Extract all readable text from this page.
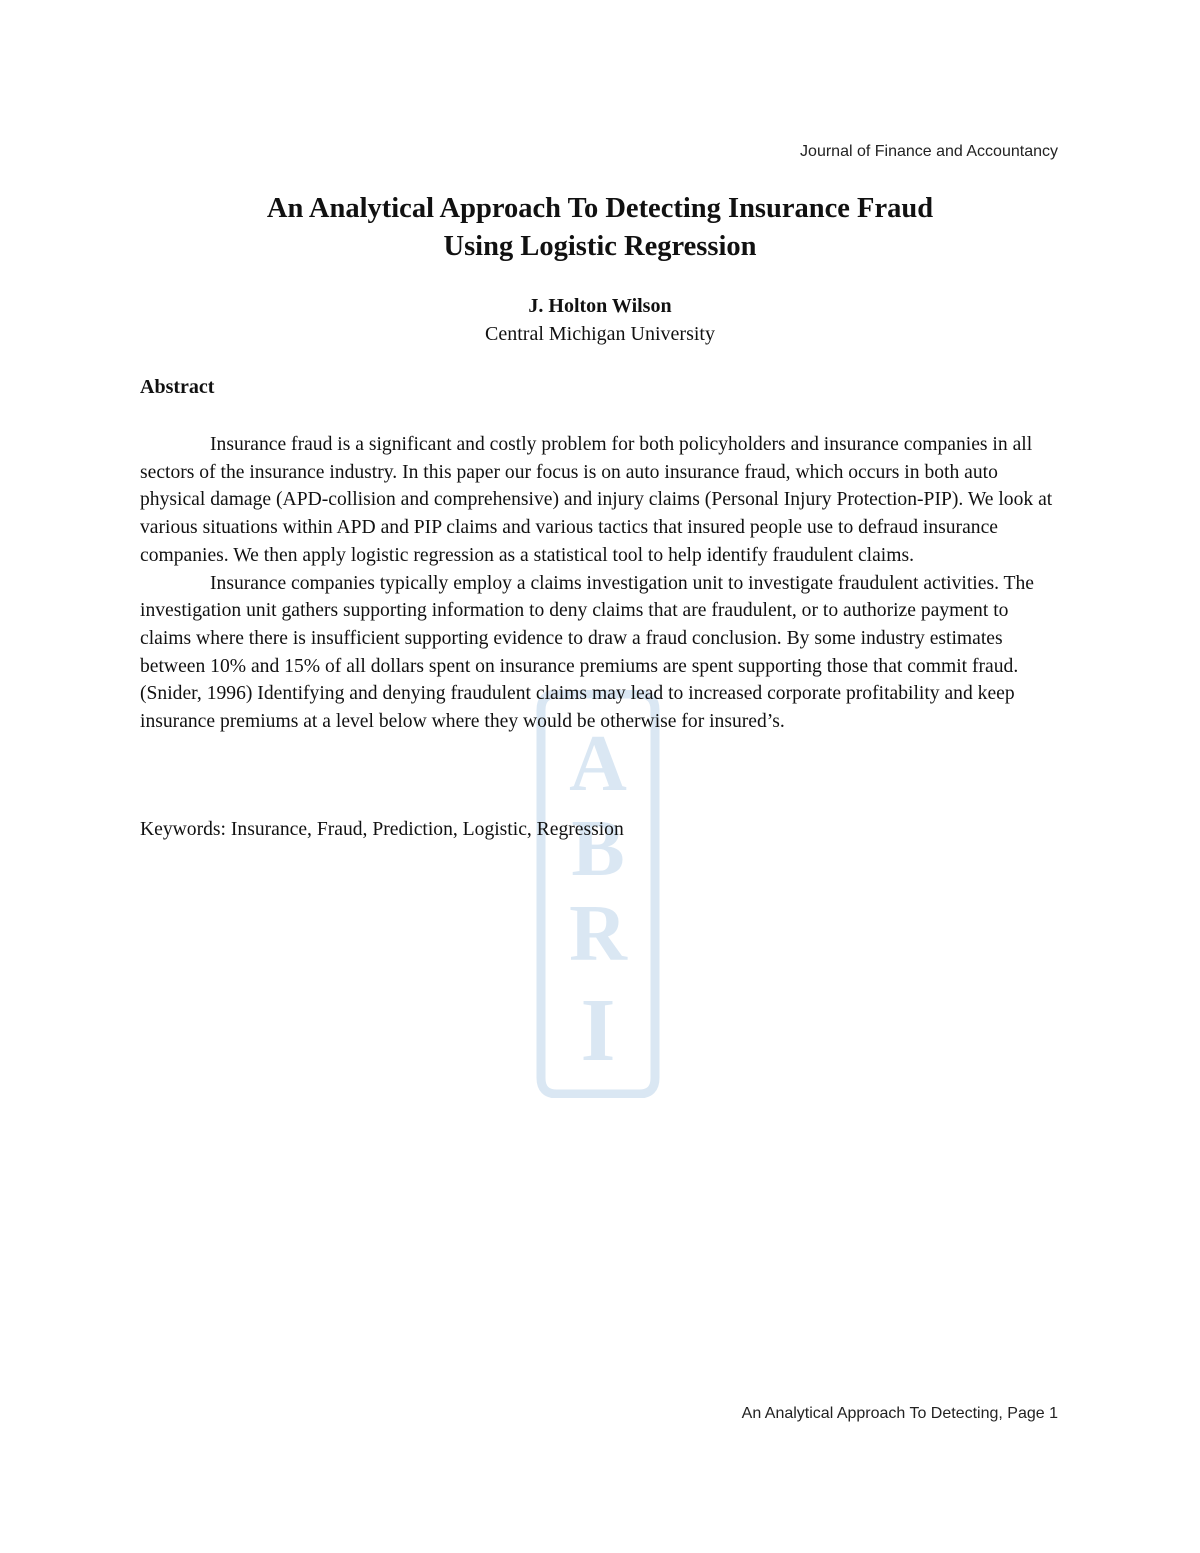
Journal of Finance and Accountancy

An Analytical Approach To Detecting Insurance Fraud

Using Logistic Regression

J. Holton Wilson
Central Michigan University
Abstract
A
B
R
I

Insurance fraud is a significant and costly problem for both policyholders and insurance companies in all sectors of the insurance industry. In this paper our focus is on auto insurance fraud, which occurs in both auto physical damage (APD-collision and comprehensive) and injury claims (Personal Injury Protection-PIP). We look at various situations within APD and PIP claims and various tactics that insured people use to defraud insurance companies. We then apply logistic regression as a statistical tool to help identify fraudulent claims.

Insurance companies typically employ a claims investigation unit to investigate fraudulent activities. The investigation unit gathers supporting information to deny claims that are fraudulent, or to authorize payment to claims where there is insufficient supporting evidence to draw a fraud conclusion. By some industry estimates between 10% and 15% of all dollars spent on insurance premiums are spent supporting those that commit fraud. (Snider, 1996) Identifying and denying fraudulent claims may lead to increased corporate profitability and keep insurance premiums at a level below where they would be otherwise for insured’s.

Keywords: Insurance, Fraud, Prediction, Logistic, Regression
An Analytical Approach To Detecting, Page 1
